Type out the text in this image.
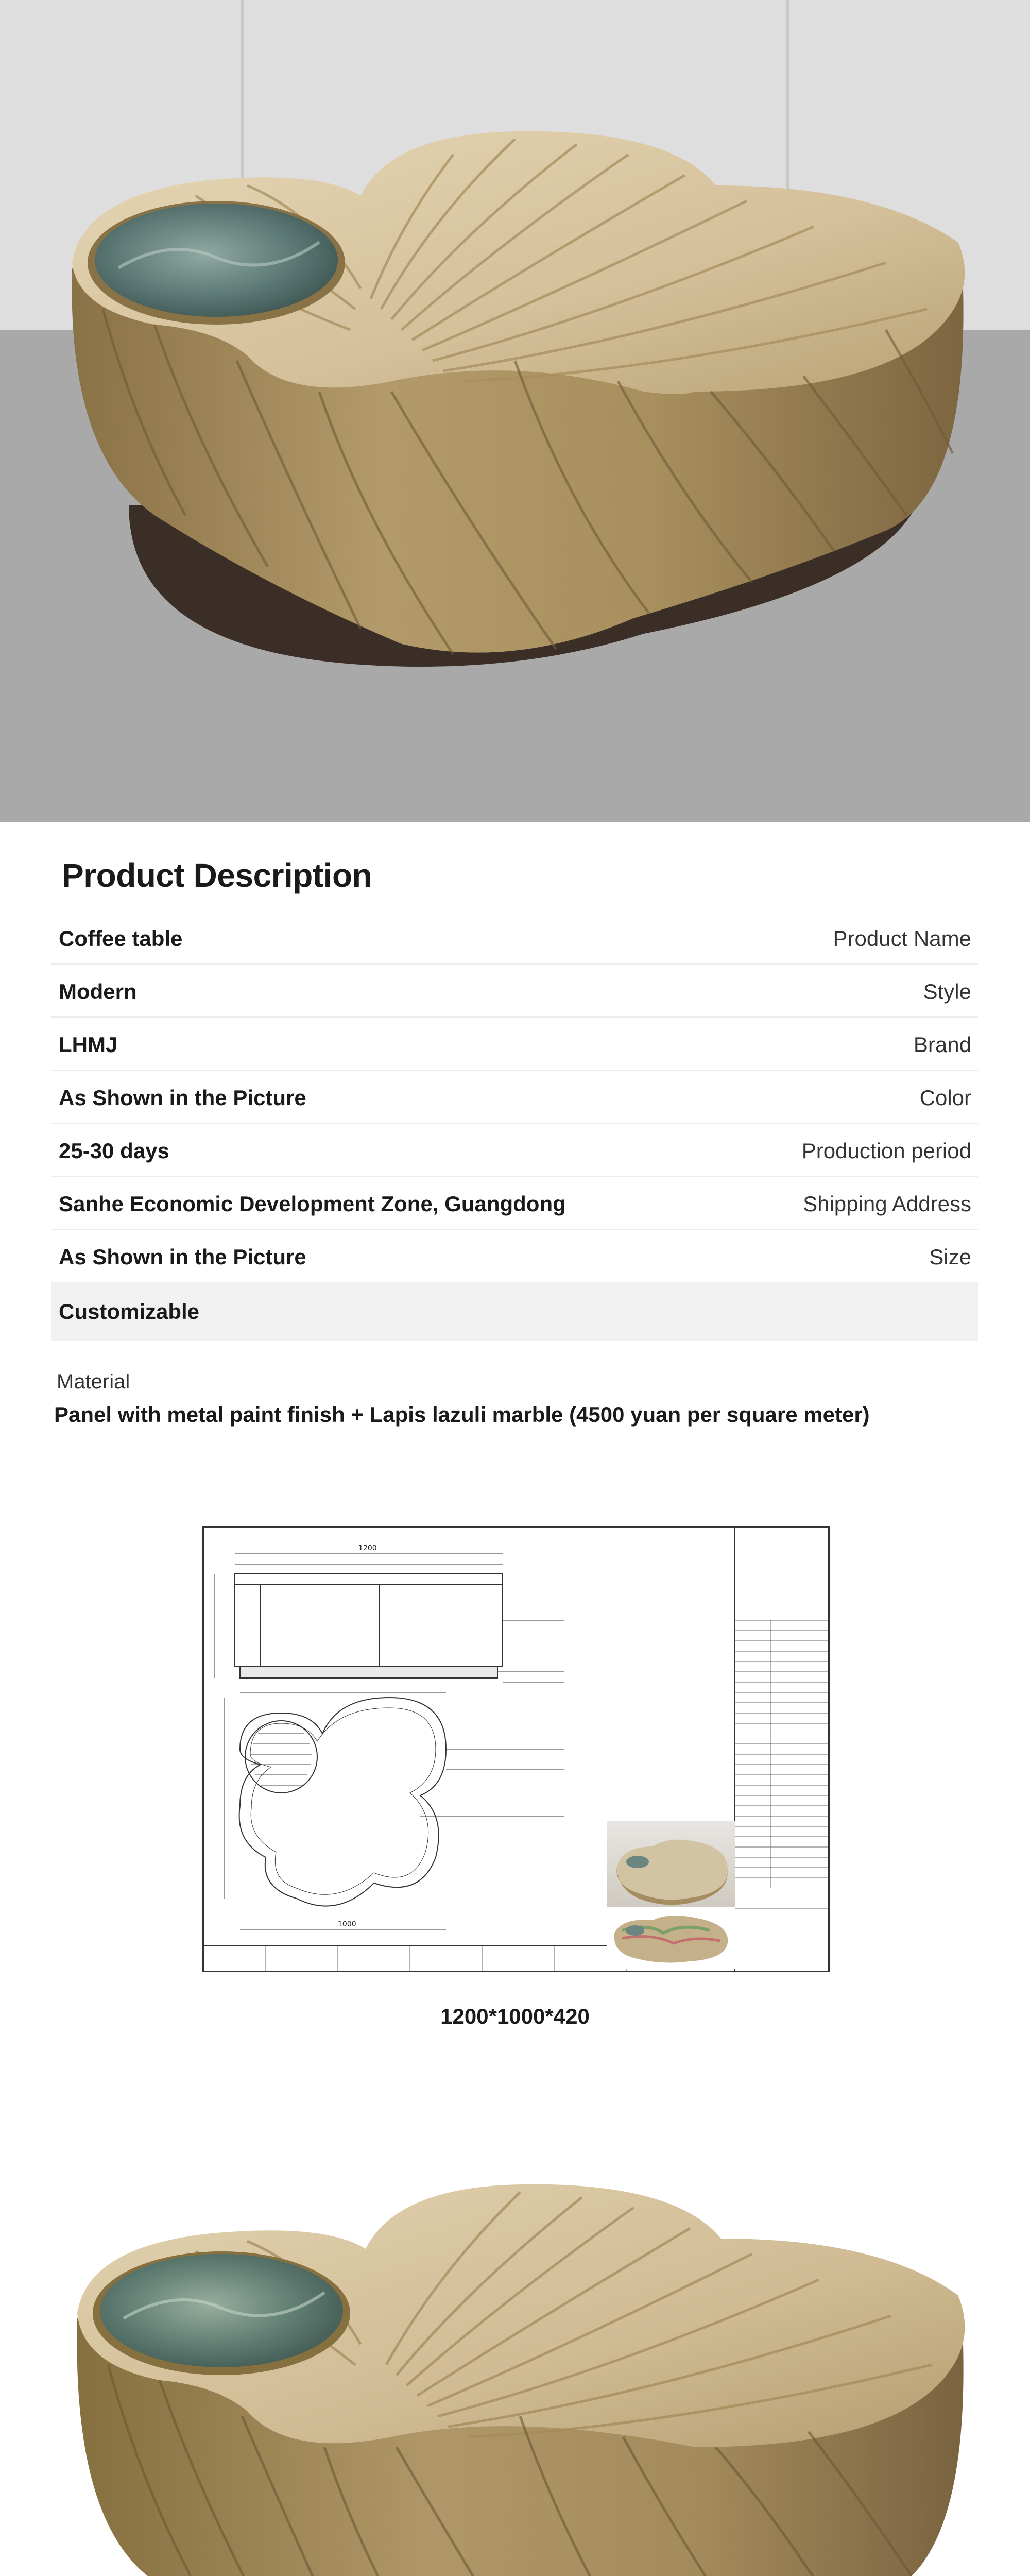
Product Description
Coffee table	Product Name
Modern	Style
LHMJ	Brand
As Shown in the Picture	Color
25-30 days	Production period
Sanhe Economic Development Zone, Guangdong	Shipping Address
As Shown in the Picture	Size
Customizable
Material
Panel with metal paint finish + Lapis lazuli marble (4500 yuan per square meter)
1200
1000
1200*1000*420
